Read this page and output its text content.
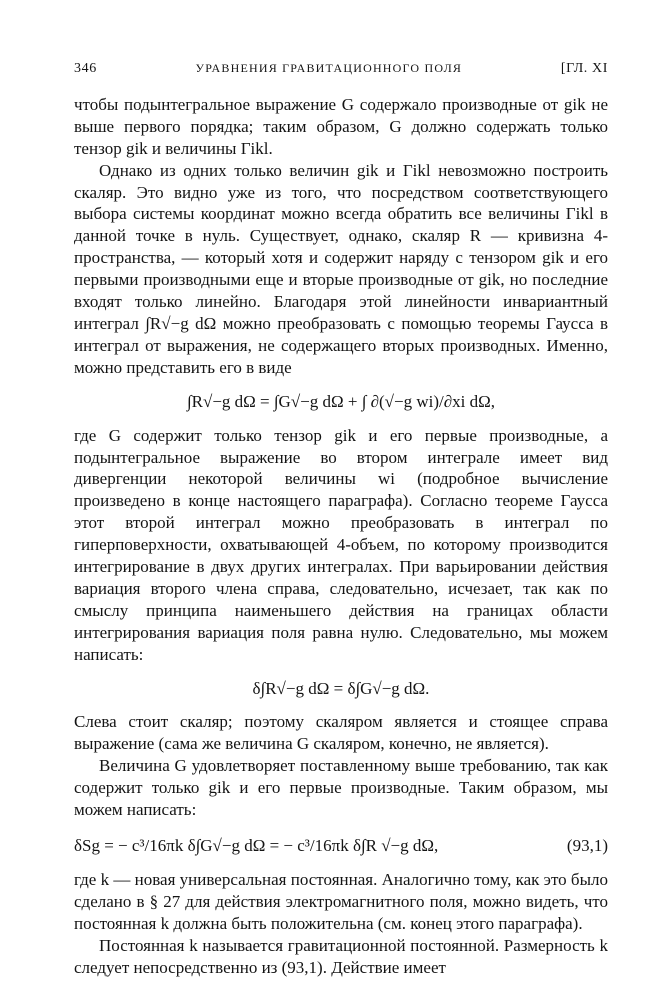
346	УРАВНЕНИЯ ГРАВИТАЦИОННОГО ПОЛЯ	[ГЛ. XI

чтобы подынтегральное выражение G содержало производные от gik не выше первого порядка; таким образом, G должно содержать только тензор gik и величины Γikl.

Однако из одних только величин gik и Γikl невозможно построить скаляр. Это видно уже из того, что посредством соответствующего выбора системы координат можно всегда обратить все величины Γikl в данной точке в нуль. Существует, однако, скаляр R — кривизна 4-пространства, — который хотя и содержит наряду с тензором gik и его первыми производными еще и вторые производные от gik, но последние входят только линейно. Благодаря этой линейности инвариантный интеграл ∫R√−g dΩ можно преобразовать с помощью теоремы Гаусса в интеграл от выражения, не содержащего вторых производных. Именно, можно представить его в виде

∫R√−g dΩ = ∫G√−g dΩ + ∫ ∂(√−g wi)/∂xi dΩ,

где G содержит только тензор gik и его первые производные, а подынтегральное выражение во втором интеграле имеет вид дивергенции некоторой величины wi (подробное вычисление произведено в конце настоящего параграфа). Согласно теореме Гаусса этот второй интеграл можно преобразовать в интеграл по гиперповерхности, охватывающей 4-объем, по которому производится интегрирование в двух других интегралах. При варьировании действия вариация второго члена справа, следовательно, исчезает, так как по смыслу принципа наименьшего действия на границах области интегрирования вариация поля равна нулю. Следовательно, мы можем написать:

δ∫R√−g dΩ = δ∫G√−g dΩ.

Слева стоит скаляр; поэтому скаляром является и стоящее справа выражение (сама же величина G скаляром, конечно, не является).

Величина G удовлетворяет поставленному выше требованию, так как содержит только gik и его первые производные. Таким образом, мы можем написать:

δSg = − c³/16πk δ∫G√−g dΩ = − c³/16πk δ∫R √−g dΩ,	(93,1)

где k — новая универсальная постоянная. Аналогично тому, как это было сделано в § 27 для действия электромагнитного поля, можно видеть, что постоянная k должна быть положительна (см. конец этого параграфа).

Постоянная k называется гравитационной постоянной. Размерность k следует непосредственно из (93,1). Действие имеет
